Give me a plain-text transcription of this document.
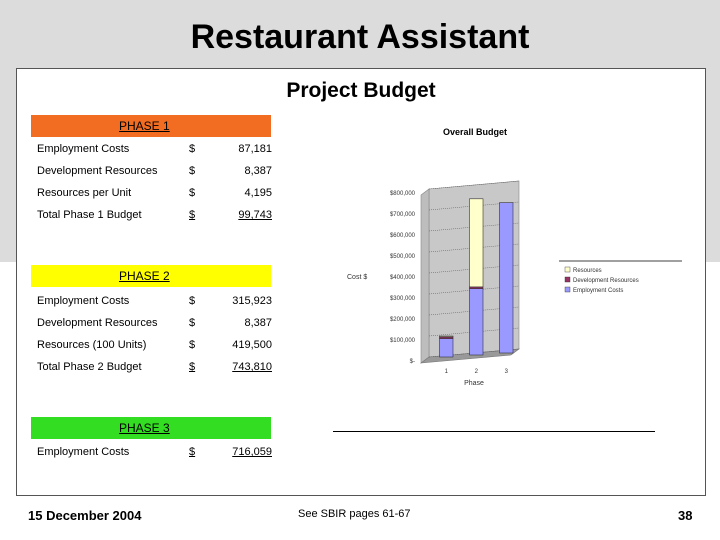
Restaurant Assistant
Project Budget
PHASE 1
Employment Costs	$	87,181
Development Resources	$	8,387
Resources per Unit	$	4,195
Total Phase 1 Budget	$	99,743
PHASE 2
Employment Costs	$	315,923
Development Resources	$	8,387
Resources (100 Units)	$	419,500
Total Phase 2 Budget	$	743,810
PHASE 3
Employment Costs	$	716,059
Overall Budget
$-
$100,000
$200,000
$300,000
$400,000
$500,000
$600,000
$700,000
$800,000
Cost $
1	2	3
Phase
Resources
Development Resources
Employment Costs
15 December 2004	See SBIR pages 61-67	38
